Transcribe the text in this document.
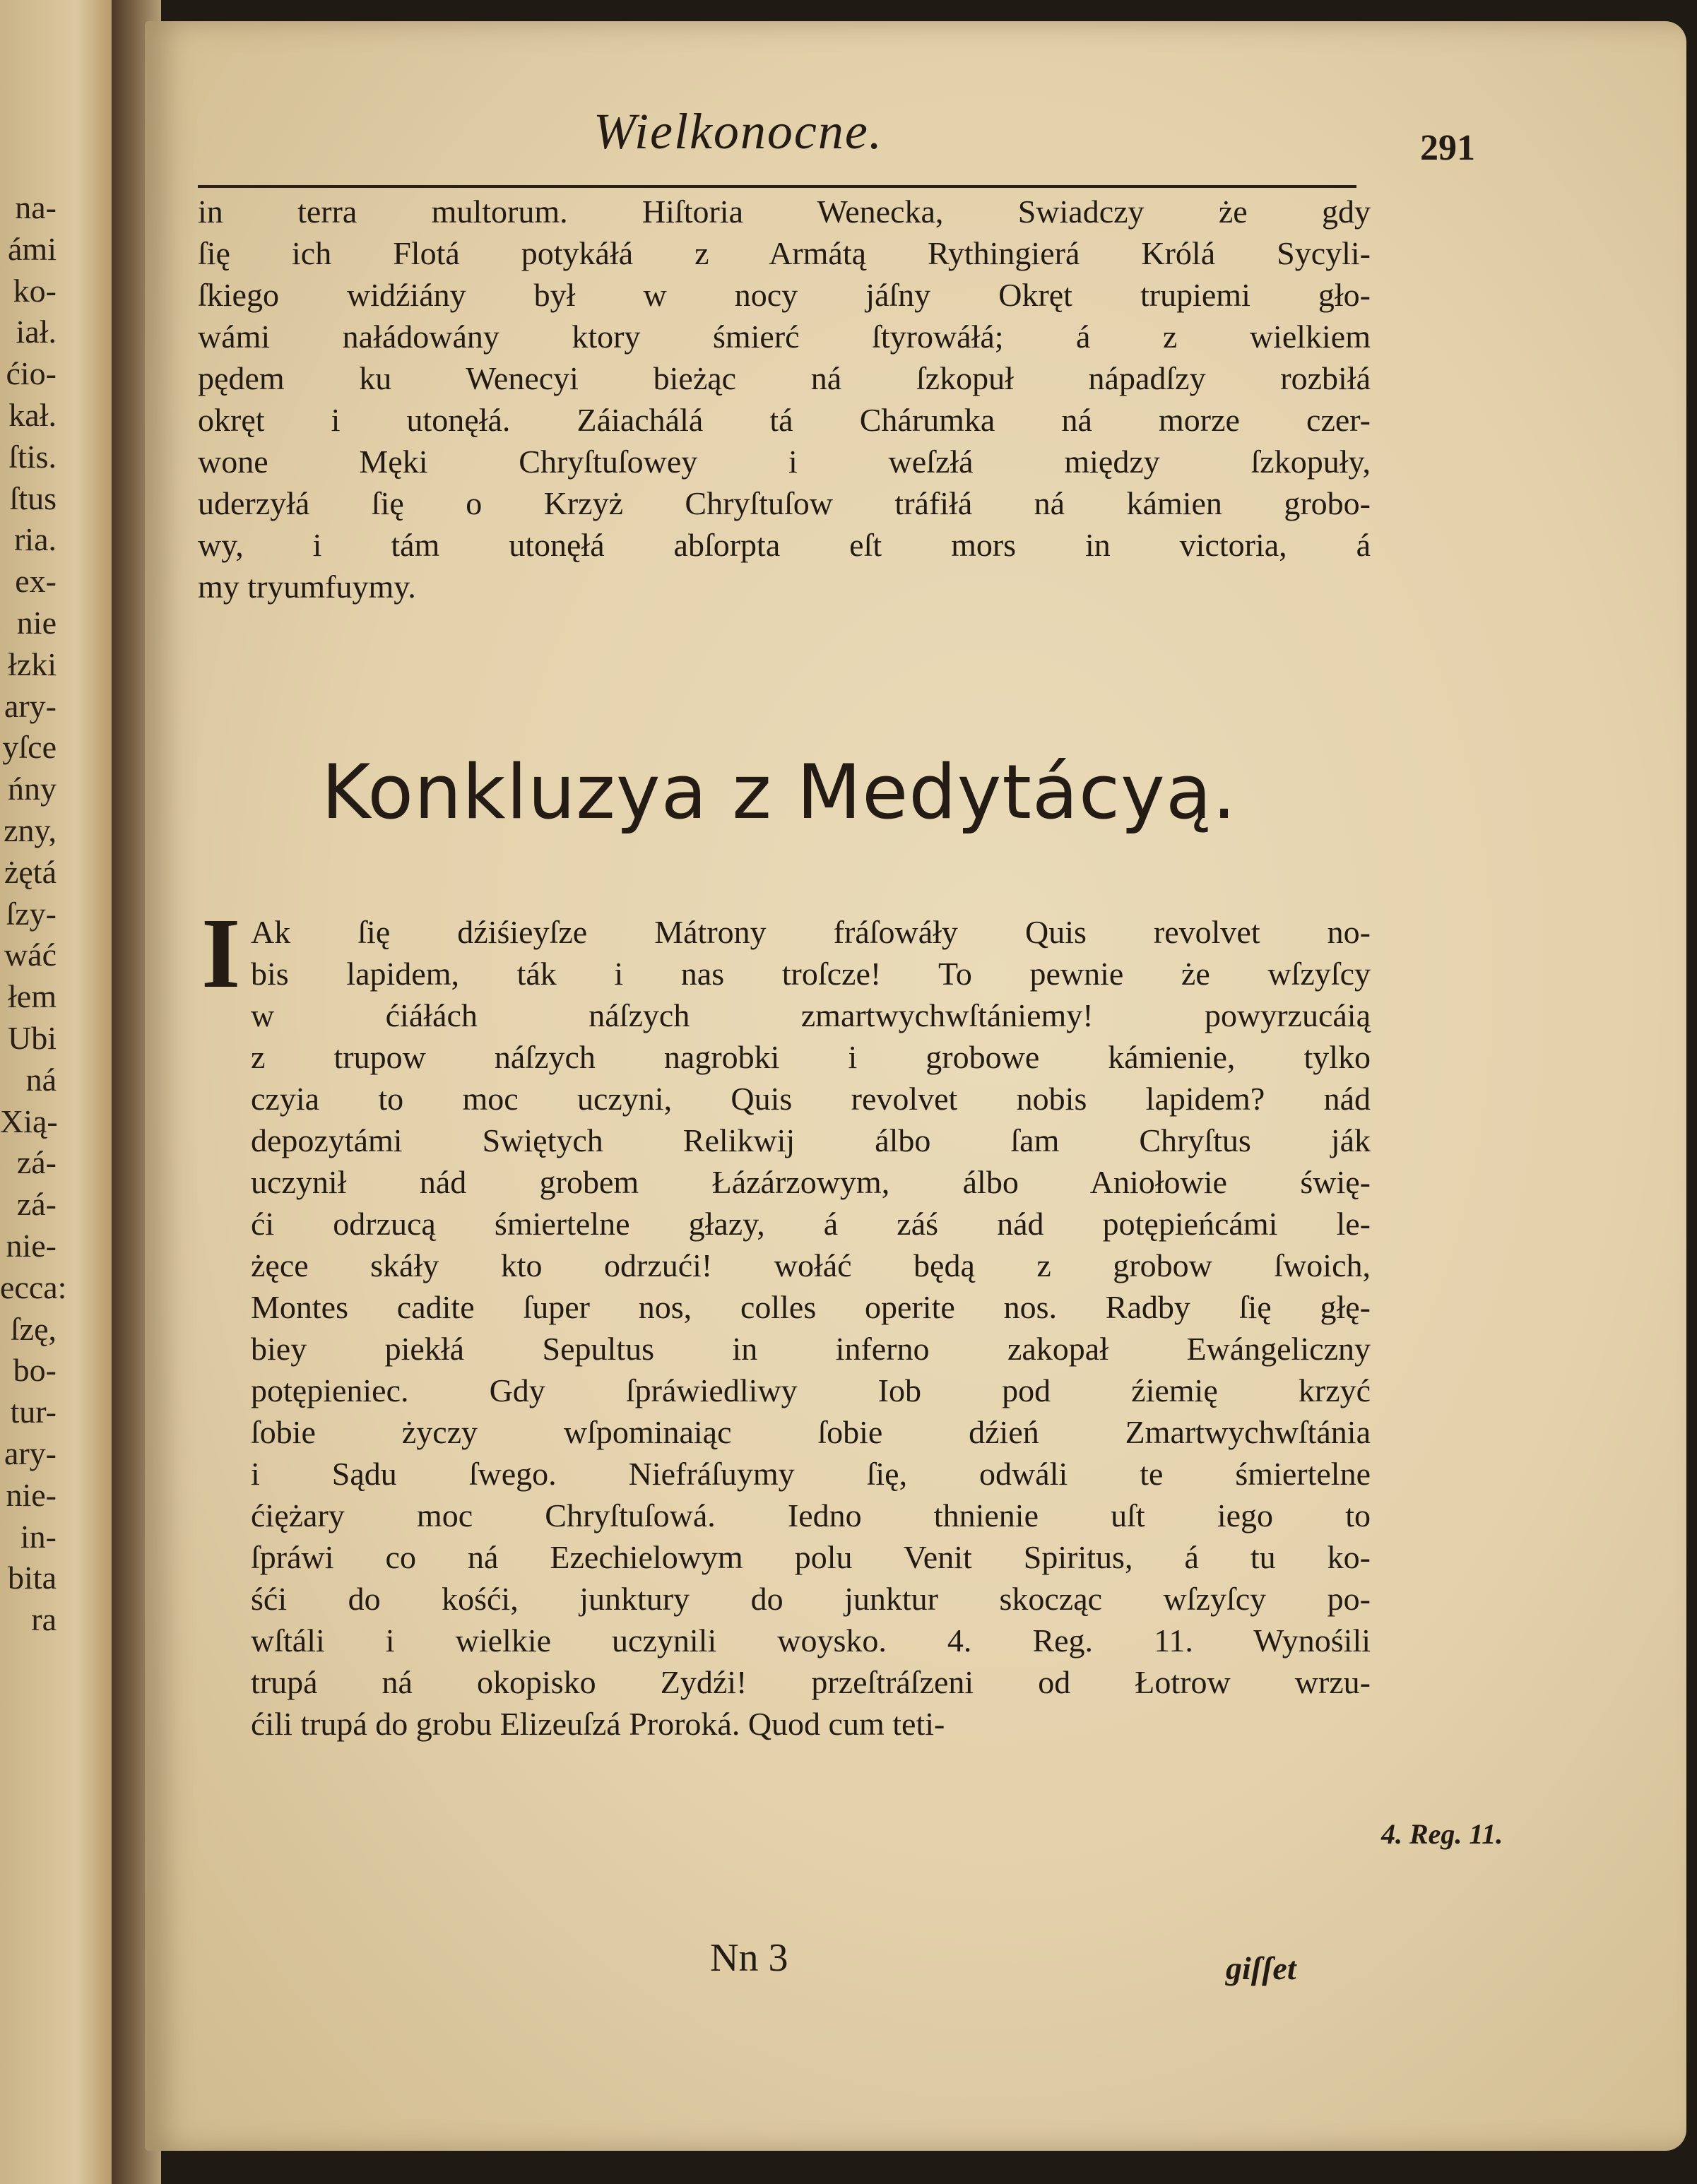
na-
ámi
ko-
iał.
ćio-
kał.
ſtis.
ſtus
ria.
ex-
nie
łzki
ary-
yſce
ńny
zny,
żętá
ſzy-
wáć
łem
Ubi
ná
Xią-
zá-
zá-
nie-
ecca:
ſzę,
bo-
tur-
ary-
nie-
in-
bita
ra
Wielkonocne.	291
in terra multorum. Hiſtoria Wenecka, Swiadczy że gdy
ſię ich Flotá potykáłá z Armátą Rythingierá Królá Sycyli-
ſkiego widźiány był w nocy jáſny Okręt trupiemi gło-
wámi nałádowány ktory śmierć ſtyrowáłá; á z wielkiem
pędem ku Wenecyi bieżąc ná ſzkopuł nápadſzy rozbiłá
okręt i utonęłá. Záiachálá tá Chárumka ná morze czer-
wone Męki Chryſtuſowey i weſzłá między ſzkopuły,
uderzyłá ſię o Krzyż Chryſtuſow tráfiłá ná kámien grobo-
wy, i tám utonęłá abſorpta eſt mors in victoria, á
my tryumfuymy.
Konkluzya z Medytácyą.
I Ak ſię dźiśieyſze Mátrony fráſowáły Quis revolvet no-
bis lapidem, ták i nas troſcze! To pewnie że wſzyſcy
w ćiáłách náſzych zmartwychwſtániemy! powyrzucáią
z trupow náſzych nagrobki i grobowe kámienie, tylko
czyia to moc uczyni, Quis revolvet nobis lapidem? nád
depozytámi Swiętych Relikwij álbo ſam Chryſtus ják
uczynił nád grobem Łázárzowym, álbo Aniołowie świę-
ći odrzucą śmiertelne głazy, á záś nád potępieńcámi le-
żęce skáły kto odrzući! wołáć będą z grobow ſwoich,
Montes cadite ſuper nos, colles operite nos. Radby ſię głę-
biey piekłá Sepultus in inferno zakopał Ewángeliczny
potępieniec. Gdy ſpráwiedliwy Iob pod źiemię krzyć
ſobie życzy wſpominaiąc ſobie dźień Zmartwychwſtánia
i Sądu ſwego. Niefráſuymy ſię, odwáli te śmiertelne
ćiężary moc Chryſtuſowá. Iedno thnienie uſt iego to
ſpráwi co ná Ezechielowym polu Venit Spiritus, á tu ko-
śći do kośći, junktury do junktur skocząc wſzyſcy po-
wſtáli i wielkie uczynili woysko. 4. Reg. 11. Wynośili
trupá ná okopisko Zydźi! przeſtráſzeni od Łotrow wrzu-
ćili trupá do grobu Elizeuſzá Proroká. Quod cum teti-
4. Reg. 11.
Nn 3	giſſet
